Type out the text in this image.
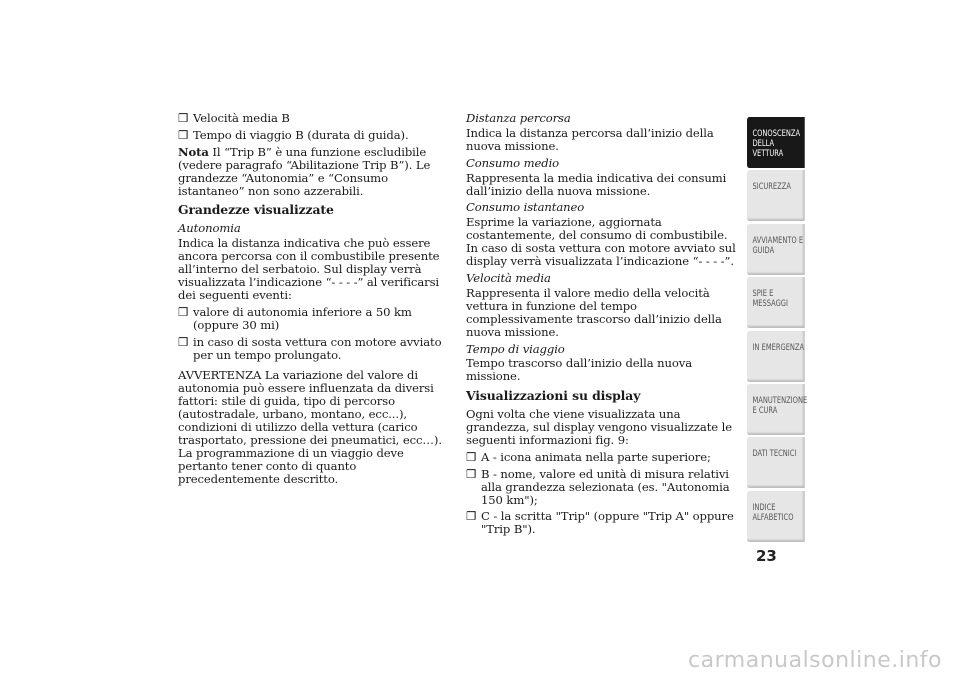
❒ Velocità media B
❒ Tempo di viaggio B (durata di guida).

Nota Il “Trip B” è una funzione escludibile (vedere paragrafo “Abilitazione Trip B”). Le grandezze “Autonomia” e “Consumo istantaneo” non sono azzerabili.

Grandezze visualizzate
Autonomia

Indica la distanza indicativa che può essere ancora percorsa con il combustibile presente all’interno del serbatoio. Sul display verrà visualizzata l’indicazione “- - - -” al verificarsi dei seguenti eventi:

❒ valore di autonomia inferiore a 50 km (oppure 30 mi)
❒ in caso di sosta vettura con motore avviato per un tempo prolungato.

AVVERTENZA La variazione del valore di autonomia può essere influenzata da diversi fattori: stile di guida, tipo di percorso (autostradale, urbano, montano, ecc...), condizioni di utilizzo della vettura (carico trasportato, pressione dei pneumatici, ecc…). La programmazione di un viaggio deve pertanto tener conto di quanto precedentemente descritto.

Distanza percorsa

Indica la distanza percorsa dall’inizio della nuova missione.

Consumo medio

Rappresenta la media indicativa dei consumi dall’inizio della nuova missione.

Consumo istantaneo

Esprime la variazione, aggiornata costantemente, del consumo di combustibile. In caso di sosta vettura con motore avviato sul display verrà visualizzata l’indicazione “- - - -”.

Velocità media

Rappresenta il valore medio della velocità vettura in funzione del tempo complessivamente trascorso dall’inizio della nuova missione.

Tempo di viaggio

Tempo trascorso dall’inizio della nuova missione.

Visualizzazioni su display

Ogni volta che viene visualizzata una grandezza, sul display vengono visualizzate le seguenti informazioni fig. 9:

❒ A - icona animata nella parte superiore;
❒ B - nome, valore ed unità di misura relativi alla grandezza selezionata (es. "Autonomia 150 km");
❒ C - la scritta "Trip" (oppure "Trip A" oppure "Trip B").
CONOSCENZA DELLA VETTURA
SICUREZZA
AVVIAMENTO E GUIDA
SPIE E MESSAGGI
IN EMERGENZA
MANUTENZIONE E CURA
DATI TECNICI
INDICE ALFABETICO
23
carmanualsonline.info
